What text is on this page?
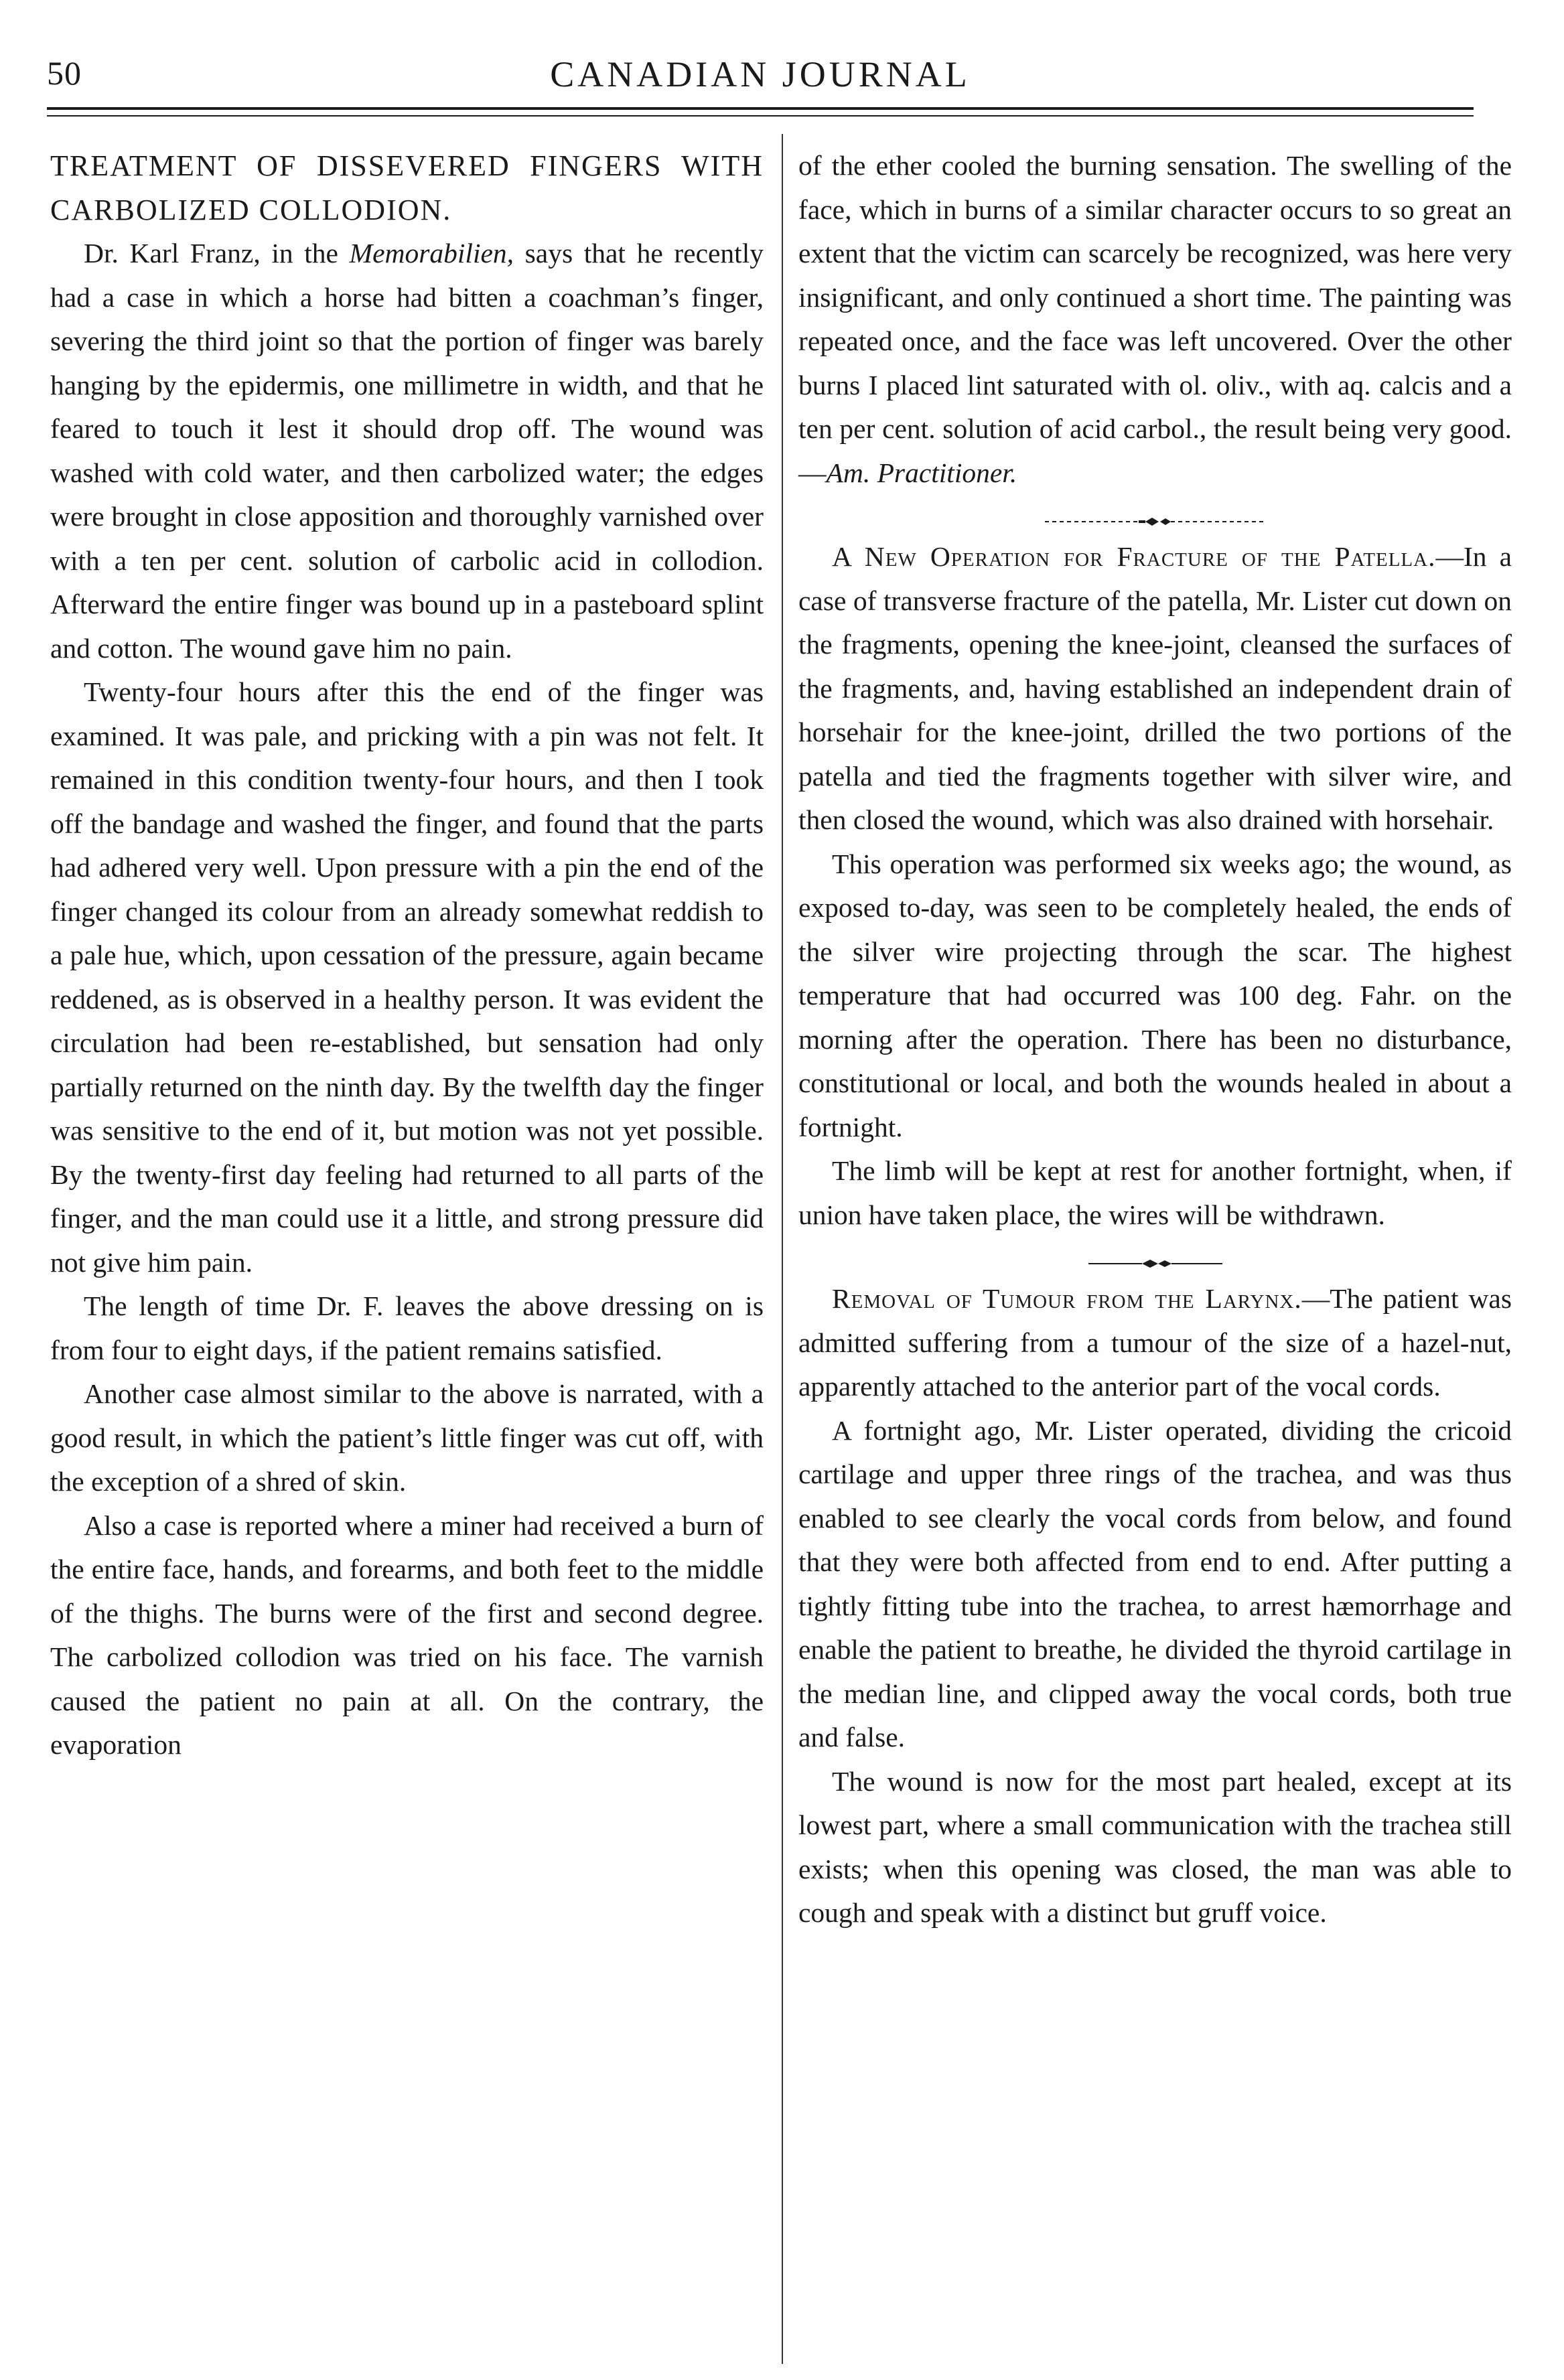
50	CANADIAN JOURNAL
TREATMENT OF DISSEVERED FINGERS WITH CARBOLIZED COLLODION.

Dr. Karl Franz, in the Memorabilien, says that he recently had a case in which a horse had bitten a coachman’s finger, severing the third joint so that the portion of finger was barely hanging by the epidermis, one millimetre in width, and that he feared to touch it lest it should drop off. The wound was washed with cold water, and then carbolized water; the edges were brought in close apposition and thoroughly varnished over with a ten per cent. solution of carbolic acid in collodion. Afterward the entire finger was bound up in a pasteboard splint and cotton. The wound gave him no pain.

Twenty-four hours after this the end of the finger was examined. It was pale, and pricking with a pin was not felt. It remained in this condition twenty-four hours, and then I took off the bandage and washed the finger, and found that the parts had adhered very well. Upon pressure with a pin the end of the finger changed its colour from an already somewhat reddish to a pale hue, which, upon cessation of the pressure, again became reddened, as is observed in a healthy person. It was evident the circulation had been re-established, but sensation had only partially returned on the ninth day. By the twelfth day the finger was sensitive to the end of it, but motion was not yet possible. By the twenty-first day feeling had returned to all parts of the finger, and the man could use it a little, and strong pressure did not give him pain.

The length of time Dr. F. leaves the above dressing on is from four to eight days, if the patient remains satisfied.

Another case almost similar to the above is narrated, with a good result, in which the patient’s little finger was cut off, with the exception of a shred of skin.

Also a case is reported where a miner had received a burn of the entire face, hands, and forearms, and both feet to the middle of the thighs. The burns were of the first and second degree. The carbolized collodion was tried on his face. The varnish caused the patient no pain at all. On the contrary, the evaporation

of the ether cooled the burning sensation. The swelling of the face, which in burns of a similar character occurs to so great an extent that the victim can scarcely be recognized, was here very insignificant, and only continued a short time. The painting was repeated once, and the face was left uncovered. Over the other burns I placed lint saturated with ol. oliv., with aq. calcis and a ten per cent. solution of acid carbol., the result being very good.—Am. Practitioner.

A New Operation for Fracture of the Patella.—In a case of transverse fracture of the patella, Mr. Lister cut down on the fragments, opening the knee-joint, cleansed the surfaces of the fragments, and, having established an independent drain of horsehair for the knee-joint, drilled the two portions of the patella and tied the fragments together with silver wire, and then closed the wound, which was also drained with horsehair.

This operation was performed six weeks ago; the wound, as exposed to-day, was seen to be completely healed, the ends of the silver wire projecting through the scar. The highest temperature that had occurred was 100 deg. Fahr. on the morning after the operation. There has been no disturbance, constitutional or local, and both the wounds healed in about a fortnight.

The limb will be kept at rest for another fortnight, when, if union have taken place, the wires will be withdrawn.

Removal of Tumour from the Larynx.—The patient was admitted suffering from a tumour of the size of a hazel-nut, apparently attached to the anterior part of the vocal cords.

A fortnight ago, Mr. Lister operated, dividing the cricoid cartilage and upper three rings of the trachea, and was thus enabled to see clearly the vocal cords from below, and found that they were both affected from end to end. After putting a tightly fitting tube into the trachea, to arrest hæmorrhage and enable the patient to breathe, he divided the thyroid cartilage in the median line, and clipped away the vocal cords, both true and false.

The wound is now for the most part healed, except at its lowest part, where a small communication with the trachea still exists; when this opening was closed, the man was able to cough and speak with a distinct but gruff voice.
